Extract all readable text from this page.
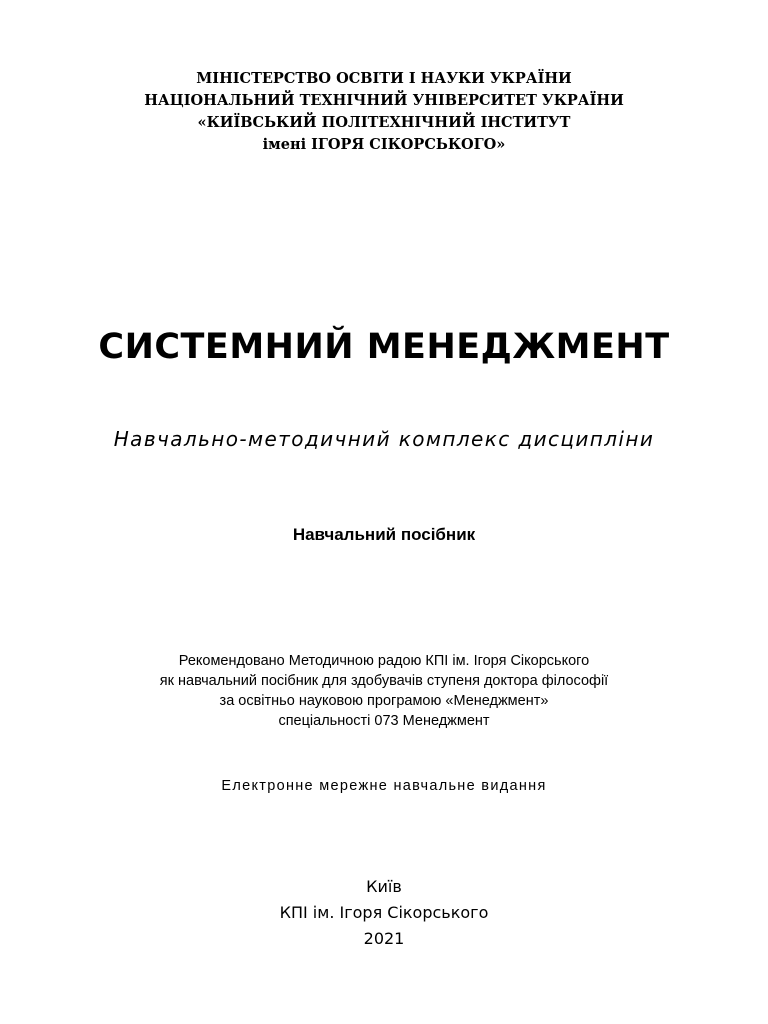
МІНІСТЕРСТВО ОСВІТИ І НАУКИ УКРАЇНИ
НАЦІОНАЛЬНИЙ ТЕХНІЧНИЙ УНІВЕРСИТЕТ УКРАЇНИ
«КИЇВСЬКИЙ ПОЛІТЕХНІЧНИЙ ІНСТИТУТ
імені ІГОРЯ СІКОРСЬКОГО»
СИСТЕМНИЙ МЕНЕДЖМЕНТ
Навчально-методичний комплекс дисципліни
Навчальний посібник
Рекомендовано Методичною радою КПІ ім. Ігоря Сікорського
як навчальний посібник для здобувачів ступеня доктора філософії
за освітньо науковою програмою «Менеджмент»
спеціальності 073 Менеджмент
Електронне мережне навчальне видання
Київ
КПІ ім. Ігоря Сікорського
2021
